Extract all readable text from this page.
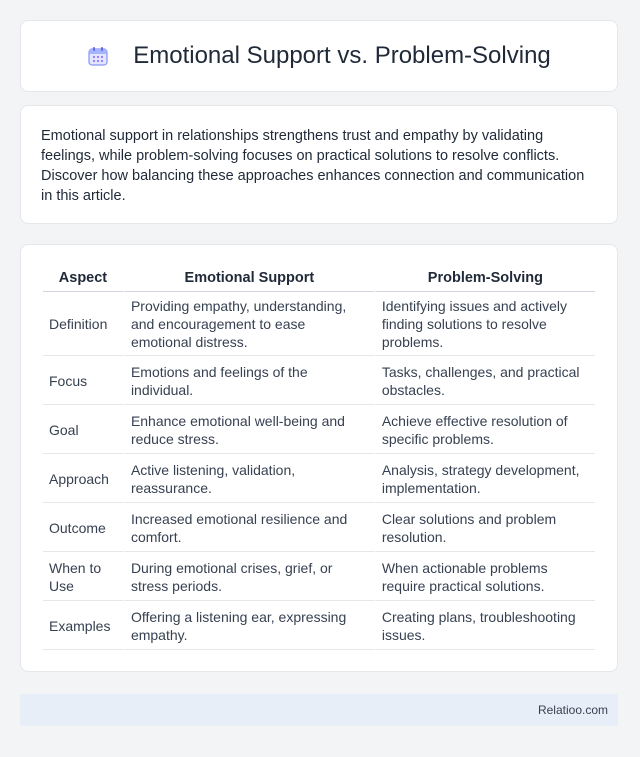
Emotional Support vs. Problem-Solving

Emotional support in relationships strengthens trust and empathy by validating feelings, while problem-solving focuses on practical solutions to resolve conflicts. Discover how balancing these approaches enhances connection and communication in this article.

Aspect	Emotional Support	Problem-Solving
Definition	Providing empathy, understanding, and encouragement to ease emotional distress.	Identifying issues and actively finding solutions to resolve problems.
Focus	Emotions and feelings of the individual.	Tasks, challenges, and practical obstacles.
Goal	Enhance emotional well-being and reduce stress.	Achieve effective resolution of specific problems.
Approach	Active listening, validation, reassurance.	Analysis, strategy development, implementation.
Outcome	Increased emotional resilience and comfort.	Clear solutions and problem resolution.
When to Use	During emotional crises, grief, or stress periods.	When actionable problems require practical solutions.
Examples	Offering a listening ear, expressing empathy.	Creating plans, troubleshooting issues.
Relatioo.com
